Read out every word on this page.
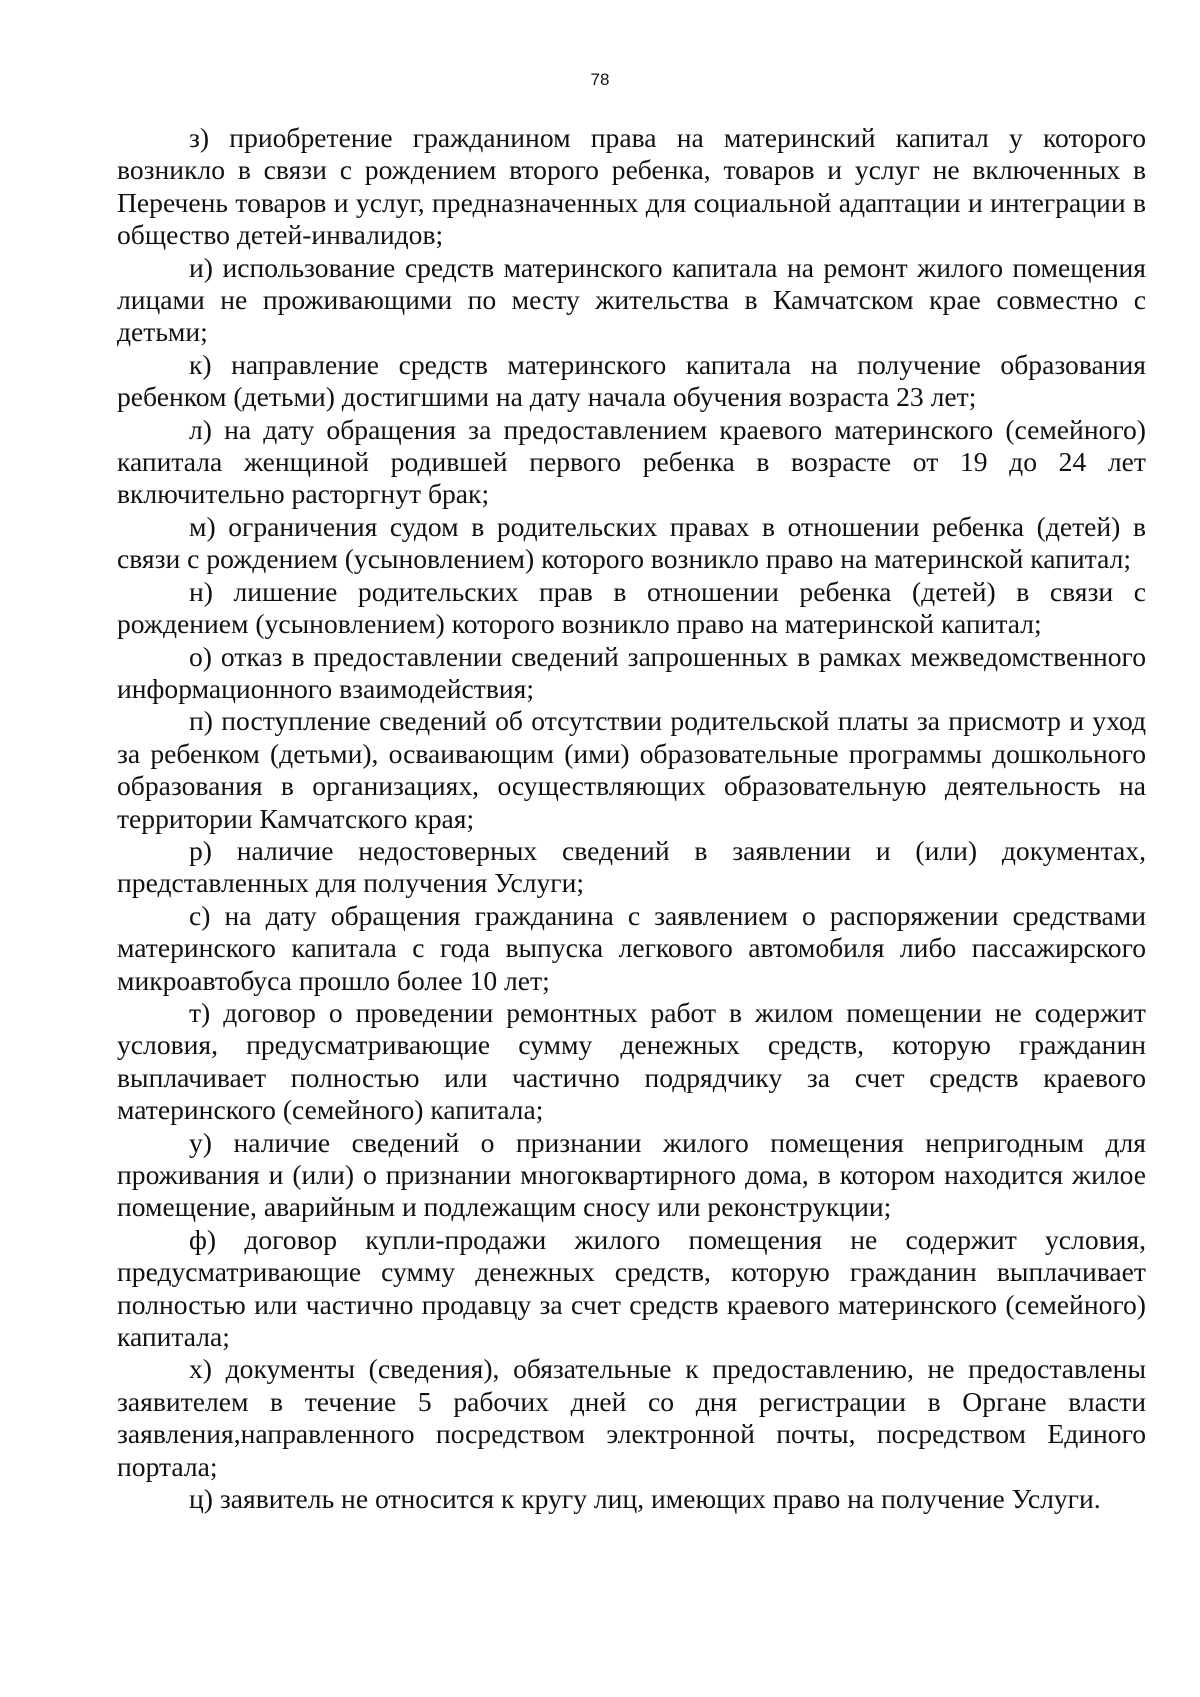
78

з) приобретение гражданином права на материнский капитал у которого возникло в связи с рождением второго ребенка, товаров и услуг не включенных в Перечень товаров и услуг, предназначенных для социальной адаптации и интеграции в общество детей-инвалидов;

и) использование средств материнского капитала на ремонт жилого помещения лицами не проживающими по месту жительства в Камчатском крае совместно с детьми;

к) направление средств материнского капитала на получение образования ребенком (детьми) достигшими на дату начала обучения возраста 23 лет;

л) на дату обращения за предоставлением краевого материнского (семейного) капитала женщиной родившей первого ребенка в возрасте от 19 до 24 лет включительно расторгнут брак;

м) ограничения судом в родительских правах в отношении ребенка (детей) в связи с рождением (усыновлением) которого возникло право на материнской капитал;

н) лишение родительских прав в отношении ребенка (детей) в связи с рождением (усыновлением) которого возникло право на материнской капитал;

о) отказ в предоставлении сведений запрошенных в рамках межведомственного информационного взаимодействия;

п) поступление сведений об отсутствии родительской платы за присмотр и уход за ребенком (детьми), осваивающим (ими) образовательные программы дошкольного образования в организациях, осуществляющих образовательную деятельность на территории Камчатского края;

р) наличие недостоверных сведений в заявлении и (или) документах, представленных для получения Услуги;

с) на дату обращения гражданина с заявлением о распоряжении средствами материнского капитала с года выпуска легкового автомобиля либо пассажирского микроавтобуса прошло более 10 лет;

т) договор о проведении ремонтных работ в жилом помещении не содержит условия, предусматривающие сумму денежных средств, которую гражданин выплачивает полностью или частично подрядчику за счет средств краевого материнского (семейного) капитала;

у) наличие сведений о признании жилого помещения непригодным для проживания и (или) о признании многоквартирного дома, в котором находится жилое помещение, аварийным и подлежащим сносу или реконструкции;

ф) договор купли-продажи жилого помещения не содержит условия, предусматривающие сумму денежных средств, которую гражданин выплачивает полностью или частично продавцу за счет средств краевого материнского (семейного) капитала;

х) документы (сведения), обязательные к предоставлению, не предоставлены заявителем в течение 5 рабочих дней со дня регистрации в Органе власти заявления,направленного посредством электронной почты, посредством Единого портала;

ц) заявитель не относится к кругу лиц, имеющих право на получение Услуги.
